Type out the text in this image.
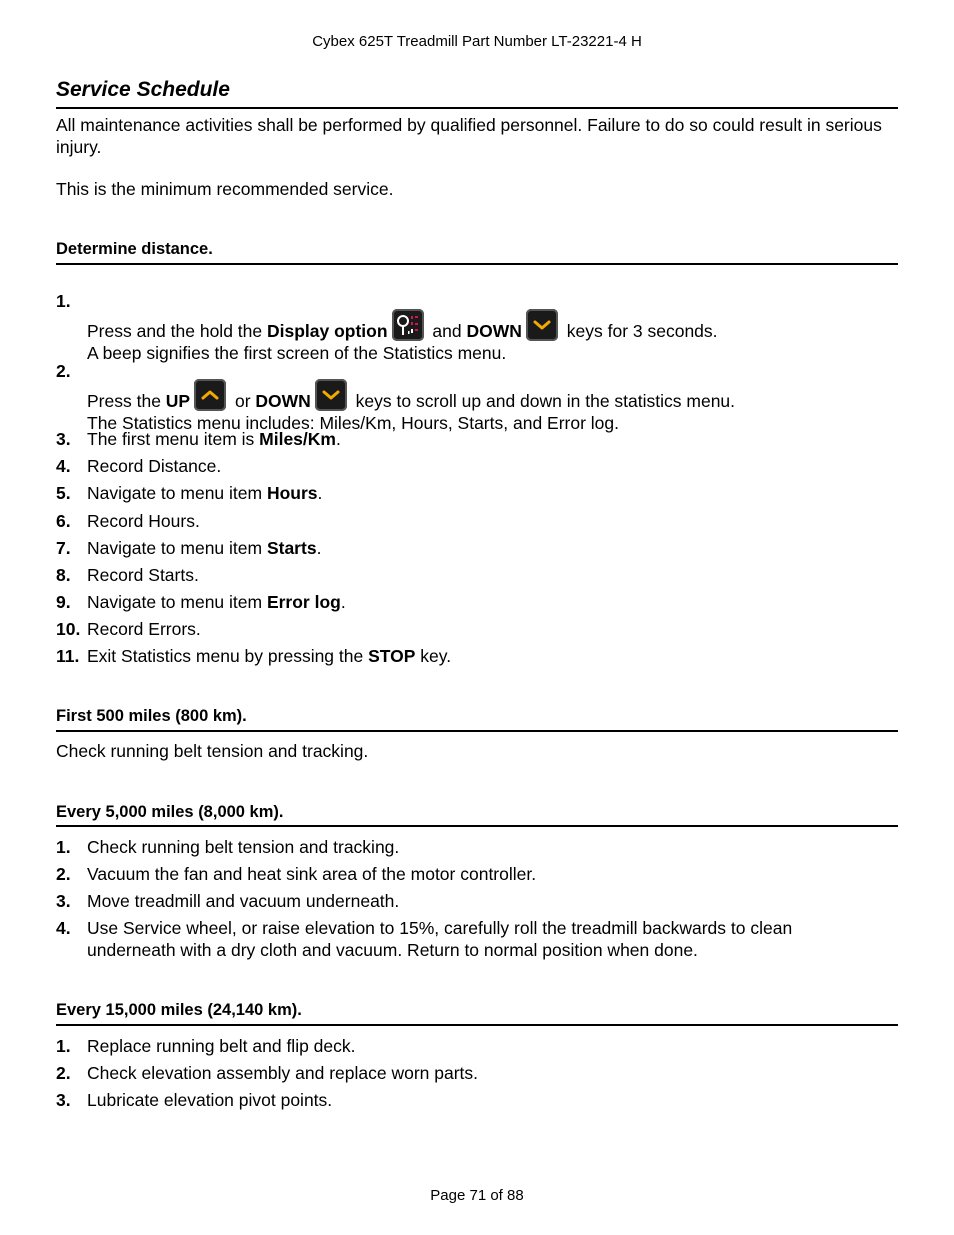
Cybex 625T Treadmill Part Number LT-23221-4 H
Service Schedule
All maintenance activities shall be performed by qualified personnel. Failure to do so could result in serious injury.
This is the minimum recommended service.
Determine distance.
1.
Press and the hold the Display option
and DOWN
keys for 3 seconds.
A beep signifies the first screen of the Statistics menu.
2.
Press the UP
or DOWN
keys to scroll up and down in the statistics menu.
The Statistics menu includes: Miles/Km, Hours, Starts, and Error log.
3. The first menu item is Miles/Km.
4. Record Distance.
5. Navigate to menu item Hours.
6. Record Hours.
7. Navigate to menu item Starts.
8. Record Starts.
9. Navigate to menu item Error log.
10. Record Errors.
11. Exit Statistics menu by pressing the STOP key.
First 500 miles (800 km).
Check running belt tension and tracking.
Every 5,000 miles (8,000 km).
1. Check running belt tension and tracking.
2. Vacuum the fan and heat sink area of the motor controller.
3. Move treadmill and vacuum underneath.
4. Use Service wheel, or raise elevation to 15%, carefully roll the treadmill backwards to clean underneath with a dry cloth and vacuum. Return to normal position when done.
Every 15,000 miles (24,140 km).
1. Replace running belt and flip deck.
2. Check elevation assembly and replace worn parts.
3. Lubricate elevation pivot points.
Page 71 of 88
